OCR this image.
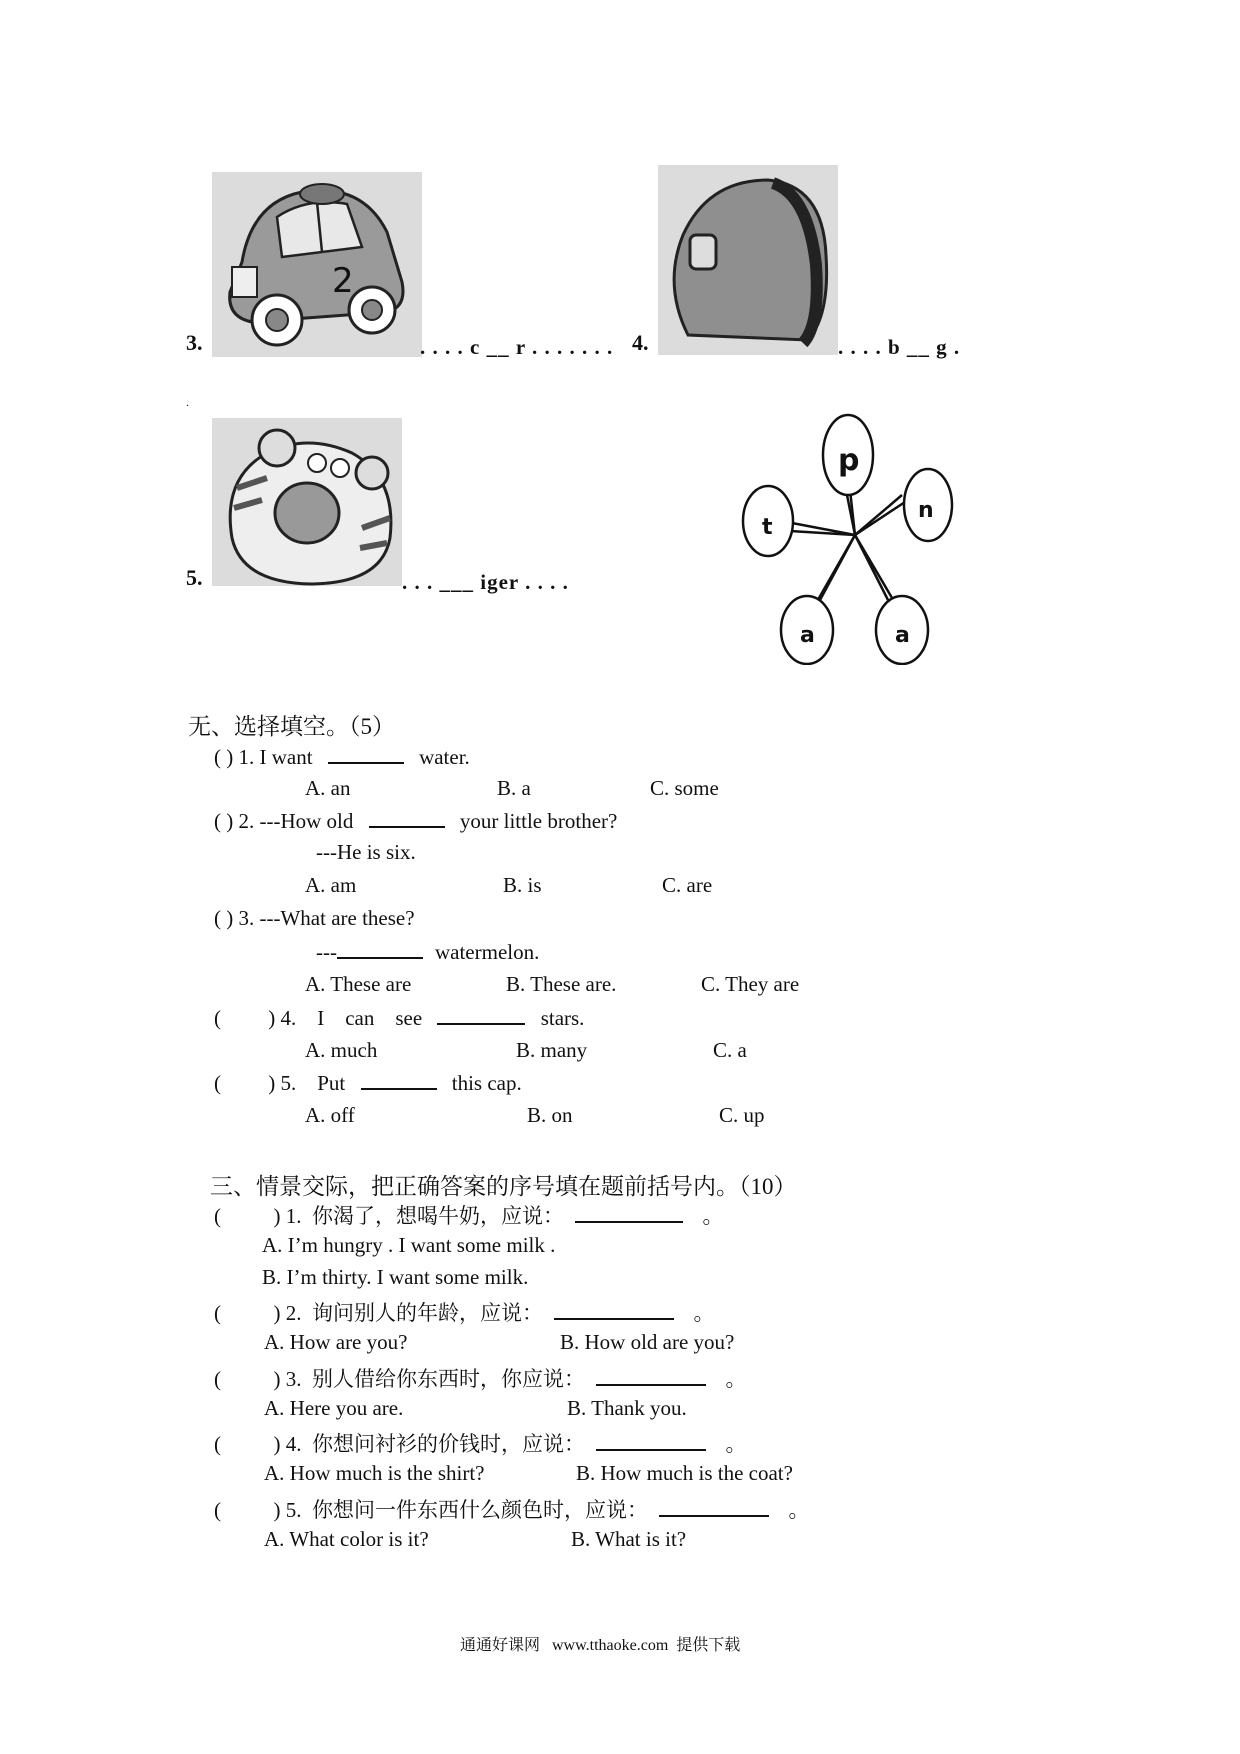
3.
2
. . . . c __ r . . . . . . . 4.	. . . . b __ g .
.
5.	. . . ___ iger . . . .
p
n
t
a	a
无、选择填空。（5）
( ) 1. I want	water.
A. an	B. a	C. some
( ) 2. ---How old	your little brother?
---He is six.
A. am	B. is	C. are
( ) 3. ---What are these?
---	watermelon.
A. These are	B. These are.	C. They are
(         ) 4.    I    can    see	stars.
A. much	B. many	C. a
(         ) 5.    Put	this cap.
A. off	B. on	C. up
三、情景交际，把正确答案的序号填在题前括号内。（10）
(          ) 1.  你渴了，想喝牛奶，应说：	。
A. I’m hungry . I want some milk .
B. I’m thirty. I want some milk.
(          ) 2.  询问别人的年龄，应说：	。
A. How are you?	B. How old are you?
(          ) 3.  别人借给你东西时，你应说：	。
A. Here you are.	B. Thank you.
(          ) 4.  你想问衬衫的价钱时，应说：	。
A. How much is the shirt?	B. How much is the coat?
(          ) 5.  你想问一件东西什么颜色时，应说：	。
A. What color is it?	B. What is it?
通通好课网   www.tthaoke.com  提供下载
